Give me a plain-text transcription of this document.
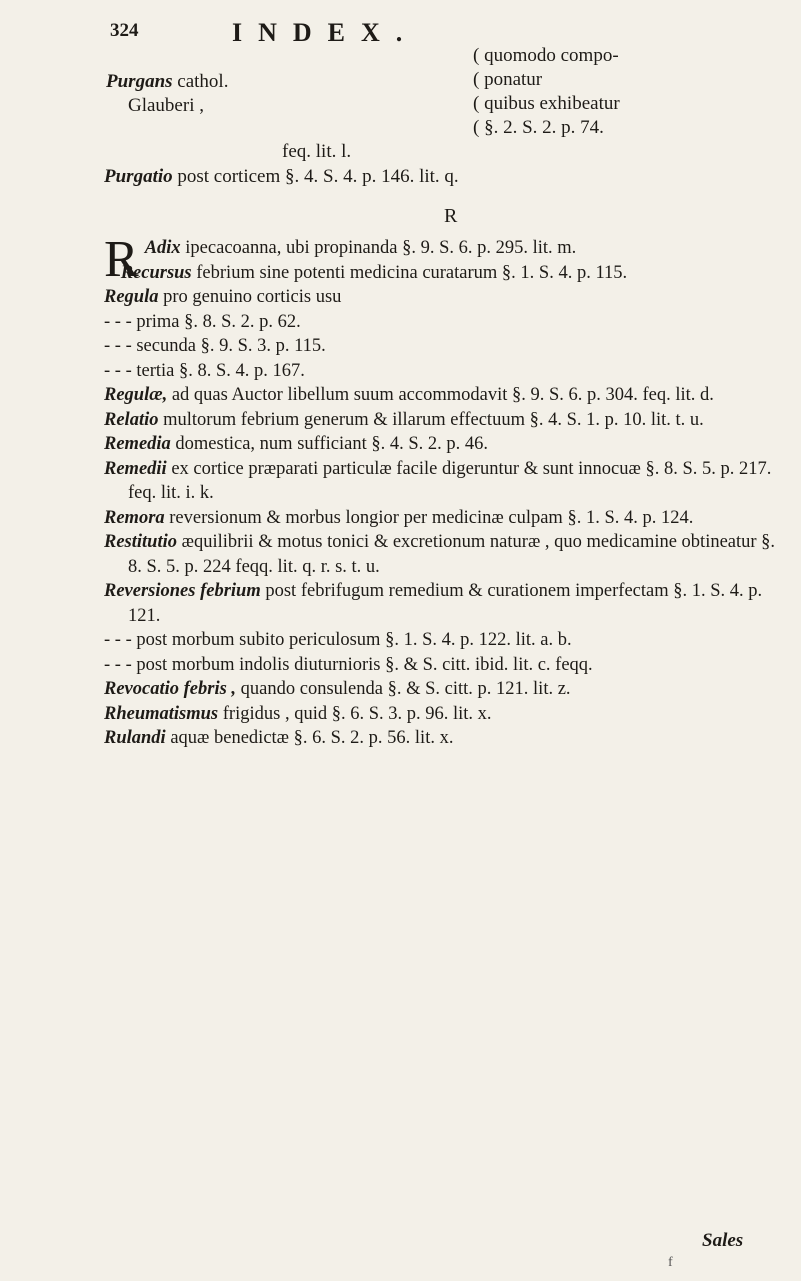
324	INDEX.
Purgans cathol.
Glauberi ,
( quomodo compo-
( ponatur
( quibus exhibeatur
( §. 2. S. 2. p. 74.
feq. lit. l.
Purgatio post corticem §. 4. S. 4. p. 146. lit. q.
R

R Adix ipecacoanna, ubi propinanda §. 9. S. 6. p. 295. lit. m.

Recursus febrium sine potenti medicina curatarum §. 1. S. 4. p. 115.

Regula pro genuino corticis usu

- - - prima §. 8. S. 2. p. 62.

- - - secunda §. 9. S. 3. p. 115.

- - - tertia §. 8. S. 4. p. 167.

Regulæ, ad quas Auctor libellum suum accommodavit §. 9. S. 6. p. 304. feq. lit. d.

Relatio multorum febrium generum & illarum effectuum §. 4. S. 1. p. 10. lit. t. u.

Remedia domestica, num sufficiant §. 4. S. 2. p. 46.

Remedii ex cortice præparati particulæ facile digeruntur & sunt innocuæ §. 8. S. 5. p. 217. feq. lit. i. k.

Remora reversionum & morbus longior per medicinæ culpam §. 1. S. 4. p. 124.

Restitutio æquilibrii & motus tonici & excretionum naturæ , quo medicamine obtineatur §. 8. S. 5. p. 224 feqq. lit. q. r. s. t. u.

Reversiones febrium post febrifugum remedium & curationem imperfectam §. 1. S. 4. p. 121.

- - - post morbum subito periculosum §. 1. S. 4. p. 122. lit. a. b.

- - - post morbum indolis diuturnioris §. & S. citt. ibid. lit. c. feqq.

Revocatio febris , quando consulenda §. & S. citt. p. 121. lit. z.

Rheumatismus frigidus , quid §. 6. S. 3. p. 96. lit. x.

Rulandi aquæ benedictæ §. 6. S. 2. p. 56. lit. x.

Sales
f
